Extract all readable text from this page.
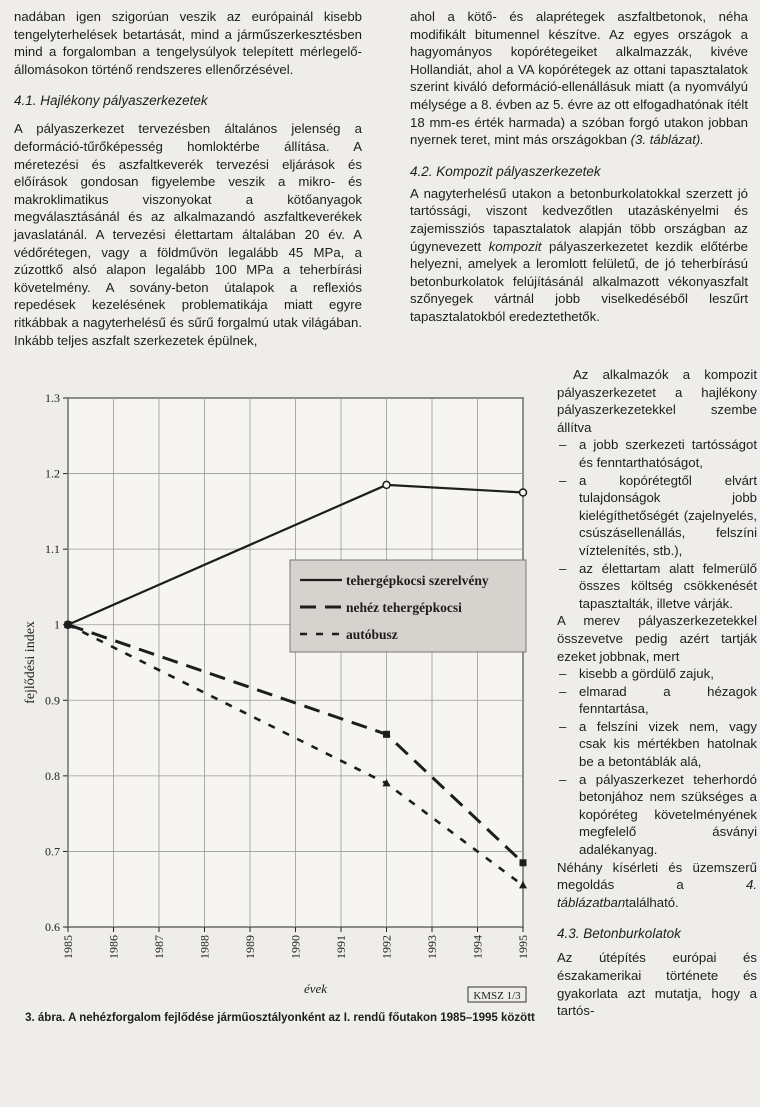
nadában igen szigorúan veszik az európainál kisebb tengelyterhelések betartását, mind a járműszerkesztésben mind a forgalomban a tengelysúlyok telepített mérlegelő-állomásokon történő rendszeres ellenőrzésével.

4.1. Hajlékony pályaszerkezetek

A pályaszerkezet tervezésben általános jelenség a deformáció-tűrőképesség homloktérbe állítása. A méretezési és aszfaltkeverék tervezési eljárások és előírások gondosan figyelembe veszik a mikro- és makroklimatikus viszonyokat a kötőanyagok megválasztásánál és az alkalmazandó aszfaltkeverékek javaslatánál. A tervezési élettartam általában 20 év. A védőrétegen, vagy a földművön legalább 45 MPa, a zúzottkő alsó alapon legalább 100 MPa a teherbírási követelmény. A sovány-beton útalapok a reflexiós repedések kezelésének problematikája miatt egyre ritkábbak a nagyterhelésű és sűrű forgalmú utak világában. Inkább teljes aszfalt szerkezetek épülnek,

ahol a kötő- és alaprétegek aszfaltbetonok, néha modifikált bitumennel készítve. Az egyes országok a hagyományos kopórétegeiket alkalmazzák, kivéve Hollandiát, ahol a VA kopórétegek az ottani tapasztalatok szerint kiváló deformáció-ellenállásuk miatt (a nyomvályú mélysége a 8. évben az 5. évre az ott elfogadhatónak ítélt 18 mm-es érték harmada) a szóban forgó utakon jobban nyernek teret, mint más országokban (3. táblázat).

4.2. Kompozit pályaszerkezetek

A nagyterhelésű utakon a betonburkolatokkal szerzett jó tartóssági, viszont kedvezőtlen utazáskényelmi és zajemissziós tapasztalatok alapján több országban az úgynevezett kompozit pályaszerkezetet kezdik előtérbe helyezni, amelyek a leromlott felületű, de jó teherbírású betonburkolatok felújításánál alkalmazott vékonyaszfalt szőnyegek vártnál jobb viselkedéséből leszűrt tapasztalatokból eredeztethetők.

Az alkalmazók a kompozit pályaszerkezetet a hajlékony pályaszerkezetekkel szembe állítva

– a jobb szerkezeti tartósságot és fenntarthatóságot,
– a kopórétegtől elvárt tulajdonságok jobb kielégíthetőségét (zajelnyelés, csúszásellenállás, felszíni víztelenítés, stb.),
– az élettartam alatt felmerülő összes költség csökkenését tapasztalták, illetve várják.

A merev pályaszerkezetekkel összevetve pedig azért tartják ezeket jobbnak, mert

– kisebb a gördülő zajuk,
– elmarad a hézagok fenntartása,
– a felszíni vizek nem, vagy csak kis mértékben hatolnak be a betontáblák alá,
– a pályaszerkezet teherhordó betonjához nem szükséges a kopóréteg követelményének megfelelő ásványi adalékanyag.

Néhány kísérleti és üzemszerű megoldás a	4. táblázatbantalálható.

4.3. Betonburkolatok

Az útépítés európai és északamerikai története és gyakorlata azt mutatja, hogy a tartós-

0.6
0.7
0.8
0.9
1
1.1
1.2
1.3
1985	1986	1987	1988	1989	1990	1991	1992	1993	1994	1995
fejlődési index
évek
tehergépkocsi szerelvény
nehéz tehergépkocsi
autóbusz
KMSZ 1/3
3. ábra. A nehézforgalom fejlődése járműosztályonként az I. rendű főutakon 1985–1995 között
